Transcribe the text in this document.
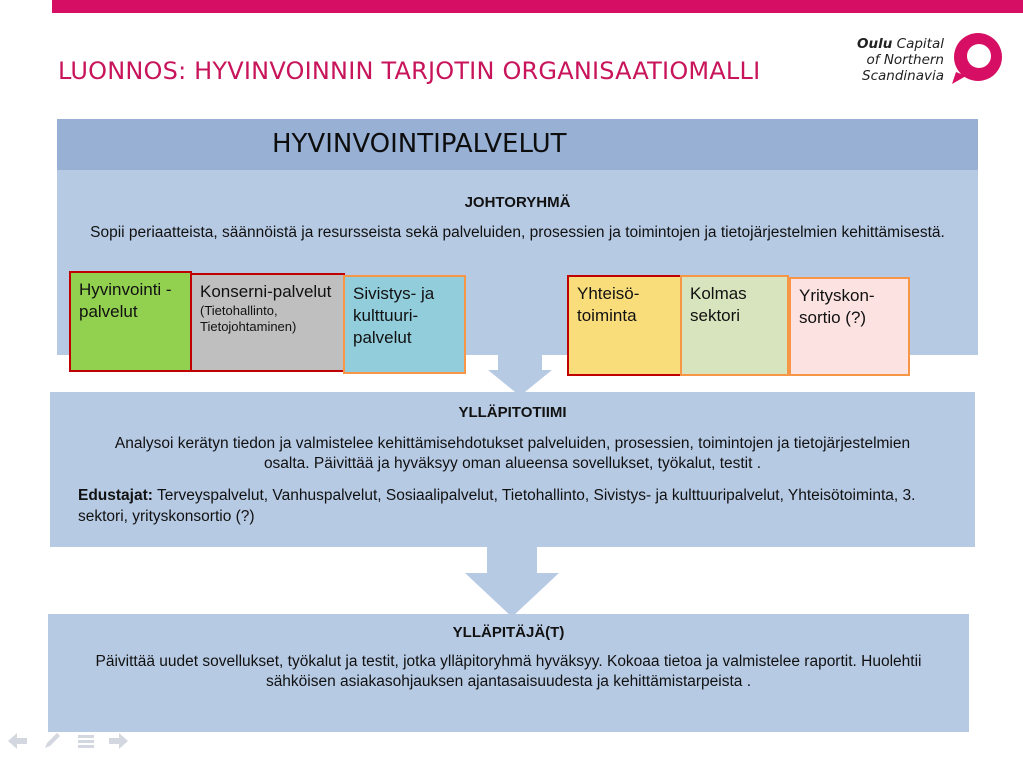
LUONNOS: HYVINVOINNIN TARJOTIN ORGANISAATIOMALLI
Oulu Capital
of Northern
Scandinavia
HYVINVOINTIPALVELUT
JOHTORYHMÄ
Sopii periaatteista, säännöistä ja resursseista sekä palveluiden, prosessien ja toimintojen ja tietojärjestelmien kehittämisestä.
Hyvinvointi -palvelut
Konserni-palvelut
(Tietohallinto, Tietojohtaminen)
Sivistys- ja kulttuuri-palvelut
Yhteisö-toiminta
Kolmas sektori
Yrityskon-sortio (?)
YLLÄPITOTIIMI
Analysoi kerätyn tiedon ja valmistelee kehittämisehdotukset palveluiden, prosessien, toimintojen ja tietojärjestelmien osalta. Päivittää ja hyväksyy oman alueensa sovellukset, työkalut, testit .
Edustajat: Terveyspalvelut, Vanhuspalvelut, Sosiaalipalvelut, Tietohallinto, Sivistys- ja kulttuuripalvelut, Yhteisötoiminta, 3. sektori, yrityskonsortio (?)
YLLÄPITÄJÄ(T)
Päivittää uudet sovellukset, työkalut ja testit, jotka ylläpitoryhmä hyväksyy. Kokoaa tietoa ja valmistelee raportit. Huolehtii sähköisen asiakasohjauksen ajantasaisuudesta ja kehittämistarpeista .
